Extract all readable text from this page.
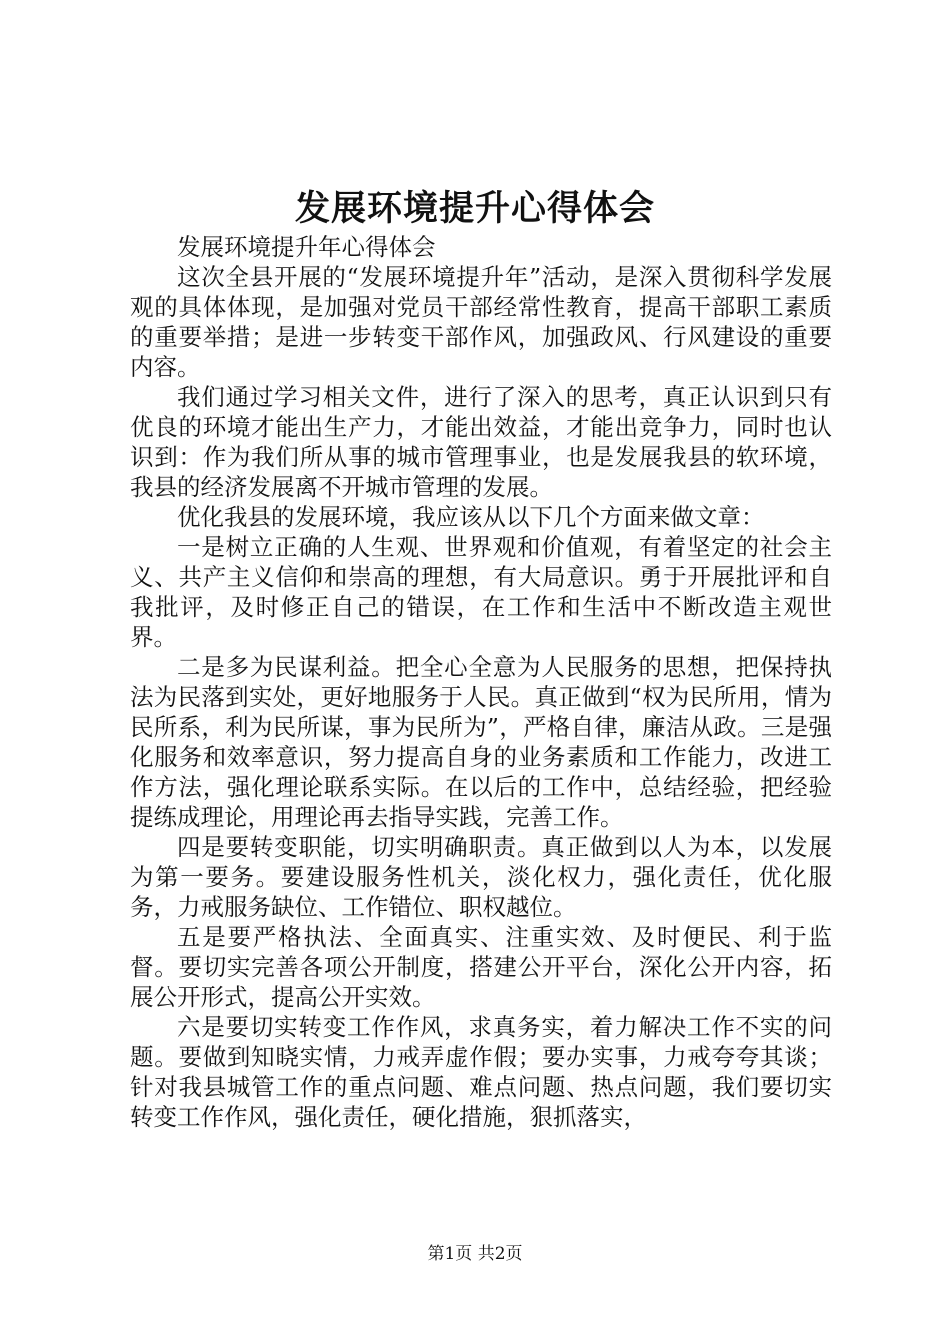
发展环境提升心得体会

发展环境提升年心得体会

这次全县开展的“发展环境提升年”活动，是深入贯彻科学发展观的具体体现，是加强对党员干部经常性教育，提高干部职工素质的重要举措；是进一步转变干部作风，加强政风、行风建设的重要内容。

我们通过学习相关文件，进行了深入的思考，真正认识到只有优良的环境才能出生产力，才能出效益，才能出竞争力，同时也认识到：作为我们所从事的城市管理事业，也是发展我县的软环境，我县的经济发展离不开城市管理的发展。

优化我县的发展环境，我应该从以下几个方面来做文章：

一是树立正确的人生观、世界观和价值观，有着坚定的社会主义、共产主义信仰和崇高的理想，有大局意识。勇于开展批评和自我批评，及时修正自己的错误，在工作和生活中不断改造主观世界。

二是多为民谋利益。把全心全意为人民服务的思想，把保持执法为民落到实处，更好地服务于人民。真正做到“权为民所用，情为民所系，利为民所谋，事为民所为”，严格自律，廉洁从政。三是强化服务和效率意识，努力提高自身的业务素质和工作能力，改进工作方法，强化理论联系实际。在以后的工作中，总结经验，把经验提练成理论，用理论再去指导实践，完善工作。

四是要转变职能，切实明确职责。真正做到以人为本，以发展为第一要务。要建设服务性机关，淡化权力，强化责任，优化服务，力戒服务缺位、工作错位、职权越位。

五是要严格执法、全面真实、注重实效、及时便民、利于监督。要切实完善各项公开制度，搭建公开平台，深化公开内容，拓展公开形式，提高公开实效。

六是要切实转变工作作风，求真务实，着力解决工作不实的问题。要做到知晓实情，力戒弄虚作假；要办实事，力戒夸夸其谈；针对我县城管工作的重点问题、难点问题、热点问题，我们要切实转变工作作风，强化责任，硬化措施，狠抓落实，

第1页 共2页
